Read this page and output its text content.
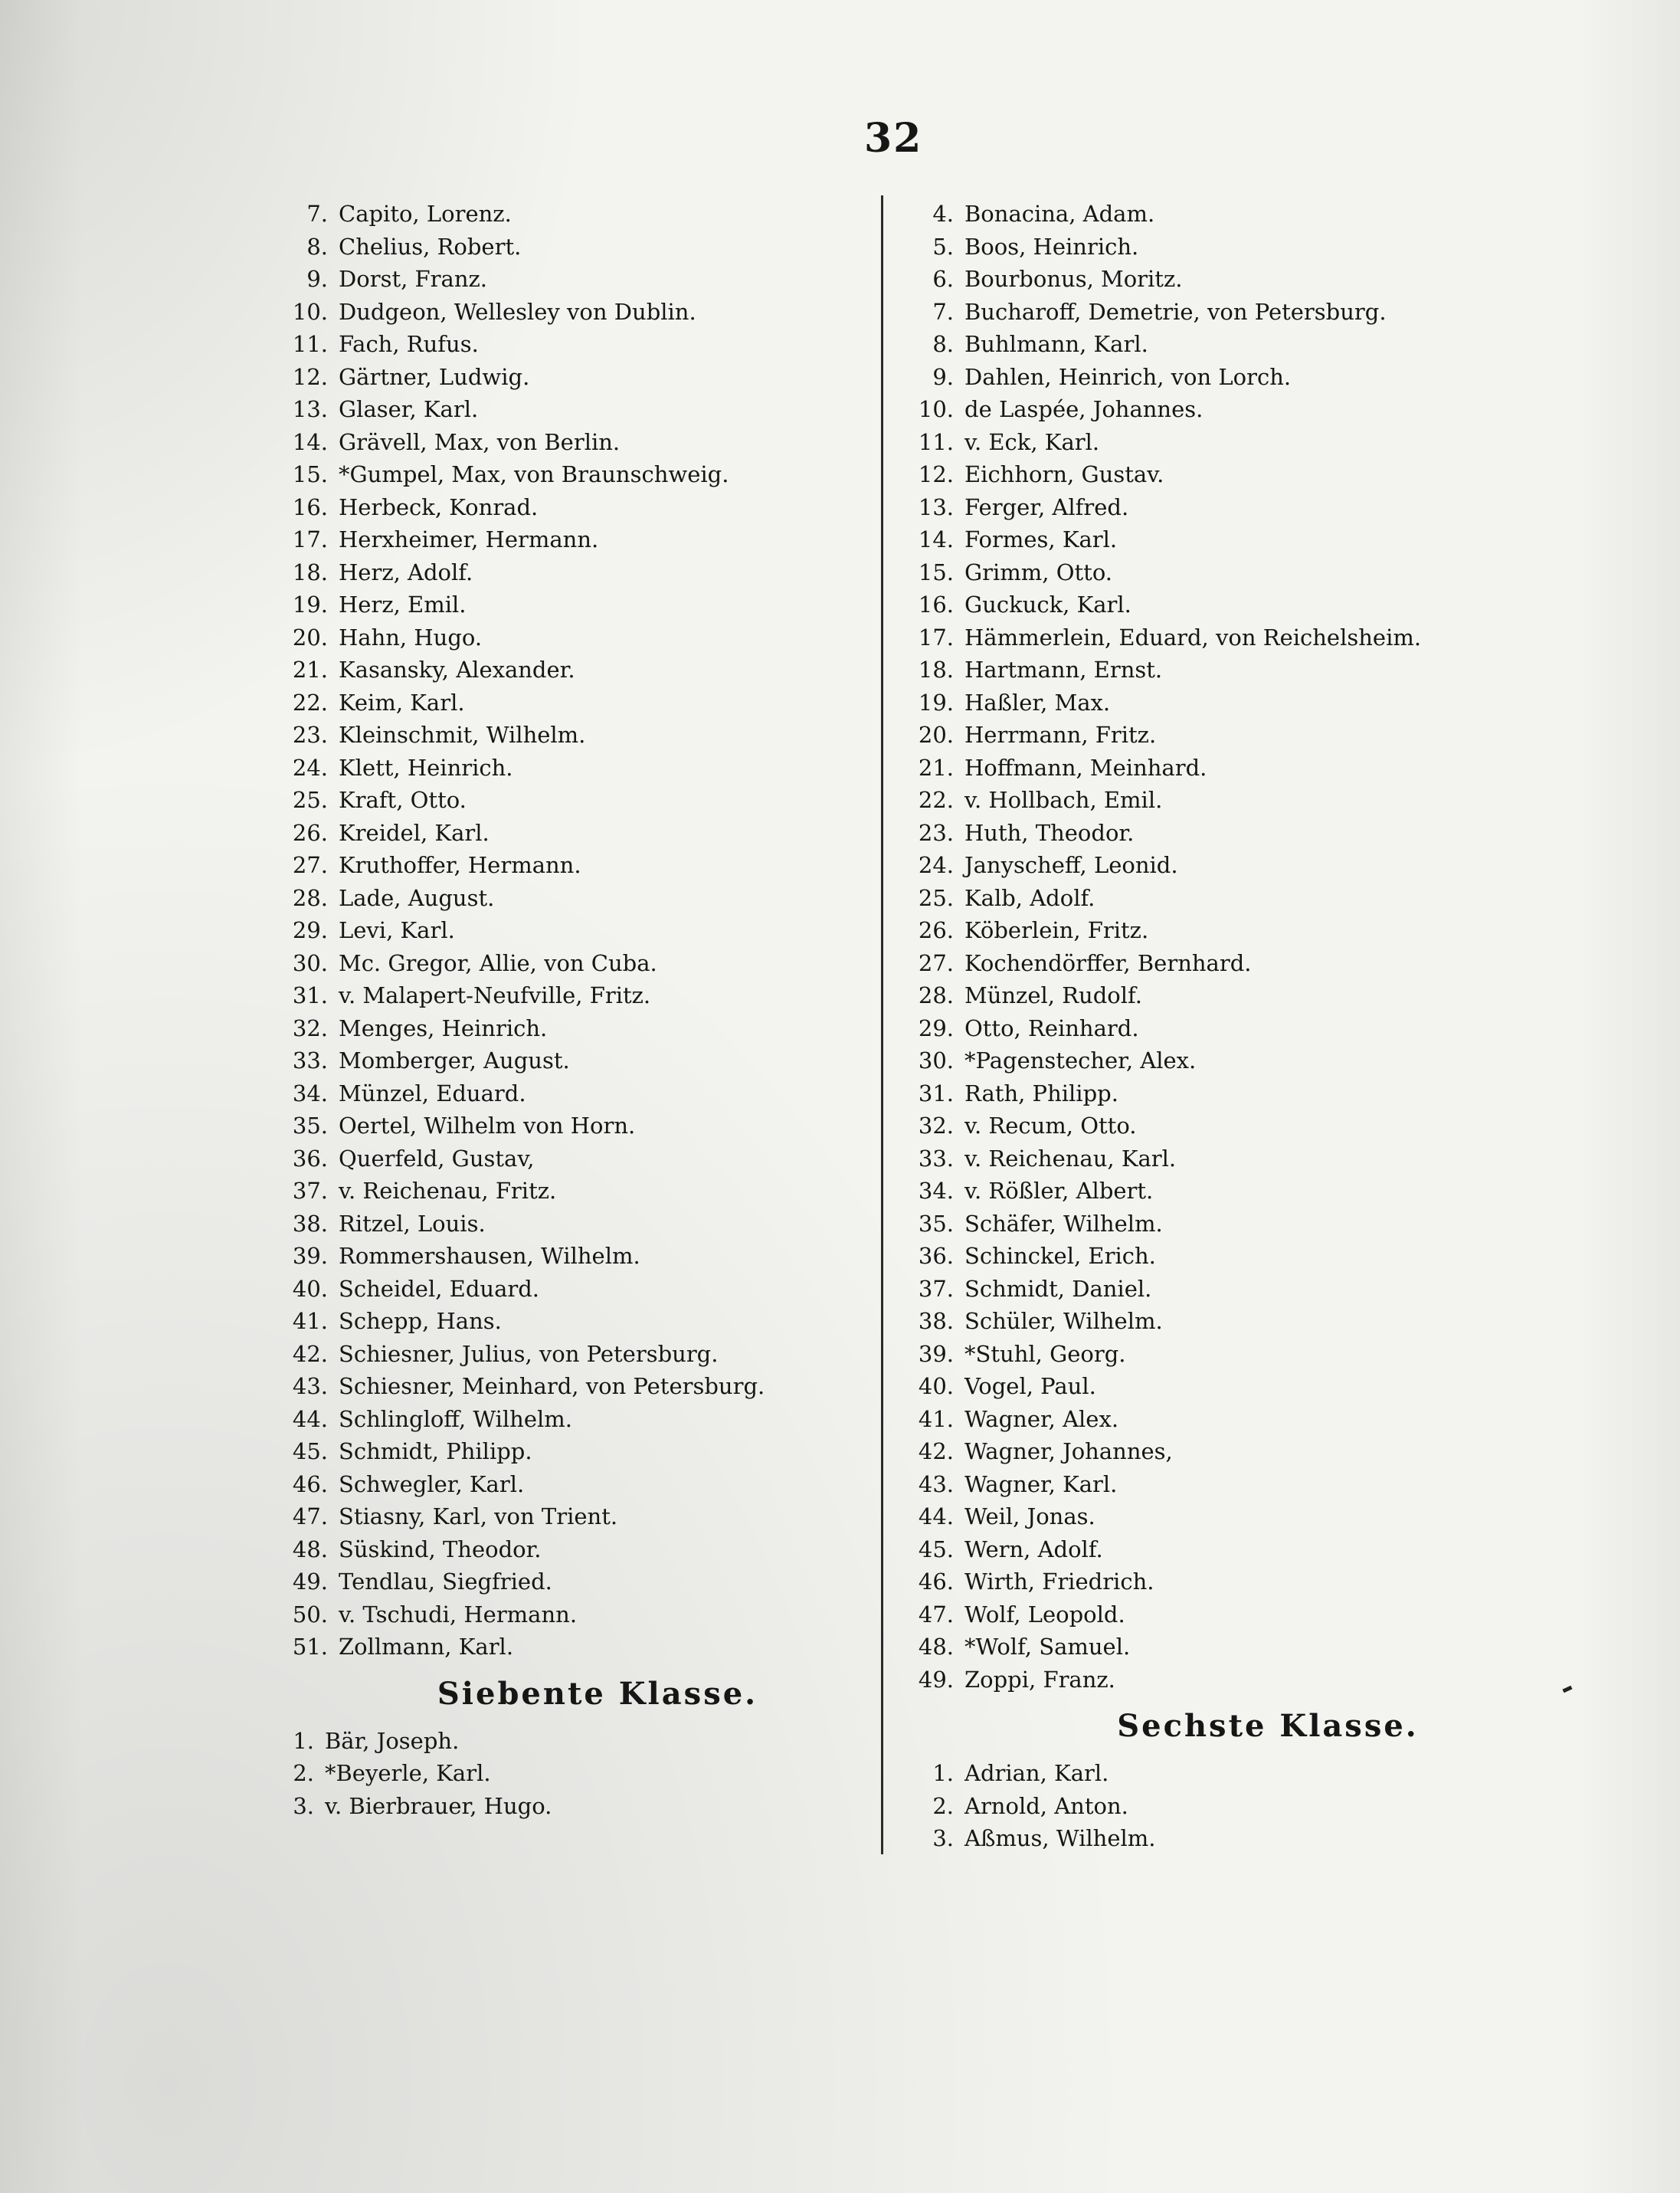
32
7. Capito, Lorenz.
8. Chelius, Robert.
9. Dorst, Franz.
10. Dudgeon, Wellesley von Dublin.
11. Fach, Rufus.
12. Gärtner, Ludwig.
13. Glaser, Karl.
14. Grävell, Max, von Berlin.
15. *Gumpel, Max, von Braunschweig.
16. Herbeck, Konrad.
17. Herxheimer, Hermann.
18. Herz, Adolf.
19. Herz, Emil.
20. Hahn, Hugo.
21. Kasansky, Alexander.
22. Keim, Karl.
23. Kleinschmit, Wilhelm.
24. Klett, Heinrich.
25. Kraft, Otto.
26. Kreidel, Karl.
27. Kruthoffer, Hermann.
28. Lade, August.
29. Levi, Karl.
30. Mc. Gregor, Allie, von Cuba.
31. v. Malapert-Neufville, Fritz.
32. Menges, Heinrich.
33. Momberger, August.
34. Münzel, Eduard.
35. Oertel, Wilhelm von Horn.
36. Querfeld, Gustav,
37. v. Reichenau, Fritz.
38. Ritzel, Louis.
39. Rommershausen, Wilhelm.
40. Scheidel, Eduard.
41. Schepp, Hans.
42. Schiesner, Julius, von Petersburg.
43. Schiesner, Meinhard, von Petersburg.
44. Schlingloff, Wilhelm.
45. Schmidt, Philipp.
46. Schwegler, Karl.
47. Stiasny, Karl, von Trient.
48. Süskind, Theodor.
49. Tendlau, Siegfried.
50. v. Tschudi, Hermann.
51. Zollmann, Karl.
Siebente Klasse.
1. Bär, Joseph.
2. *Beyerle, Karl.
3. v. Bierbrauer, Hugo.
4. Bonacina, Adam.
5. Boos, Heinrich.
6. Bourbonus, Moritz.
7. Bucharoff, Demetrie, von Petersburg.
8. Buhlmann, Karl.
9. Dahlen, Heinrich, von Lorch.
10. de Laspée, Johannes.
11. v. Eck, Karl.
12. Eichhorn, Gustav.
13. Ferger, Alfred.
14. Formes, Karl.
15. Grimm, Otto.
16. Guckuck, Karl.
17. Hämmerlein, Eduard, von Reichelsheim.
18. Hartmann, Ernst.
19. Haßler, Max.
20. Herrmann, Fritz.
21. Hoffmann, Meinhard.
22. v. Hollbach, Emil.
23. Huth, Theodor.
24. Janyscheff, Leonid.
25. Kalb, Adolf.
26. Köberlein, Fritz.
27. Kochendörffer, Bernhard.
28. Münzel, Rudolf.
29. Otto, Reinhard.
30. *Pagenstecher, Alex.
31. Rath, Philipp.
32. v. Recum, Otto.
33. v. Reichenau, Karl.
34. v. Rößler, Albert.
35. Schäfer, Wilhelm.
36. Schinckel, Erich.
37. Schmidt, Daniel.
38. Schüler, Wilhelm.
39. *Stuhl, Georg.
40. Vogel, Paul.
41. Wagner, Alex.
42. Wagner, Johannes,
43. Wagner, Karl.
44. Weil, Jonas.
45. Wern, Adolf.
46. Wirth, Friedrich.
47. Wolf, Leopold.
48. *Wolf, Samuel.
49. Zoppi, Franz.
Sechste Klasse.
1. Adrian, Karl.
2. Arnold, Anton.
3. Aßmus, Wilhelm.
